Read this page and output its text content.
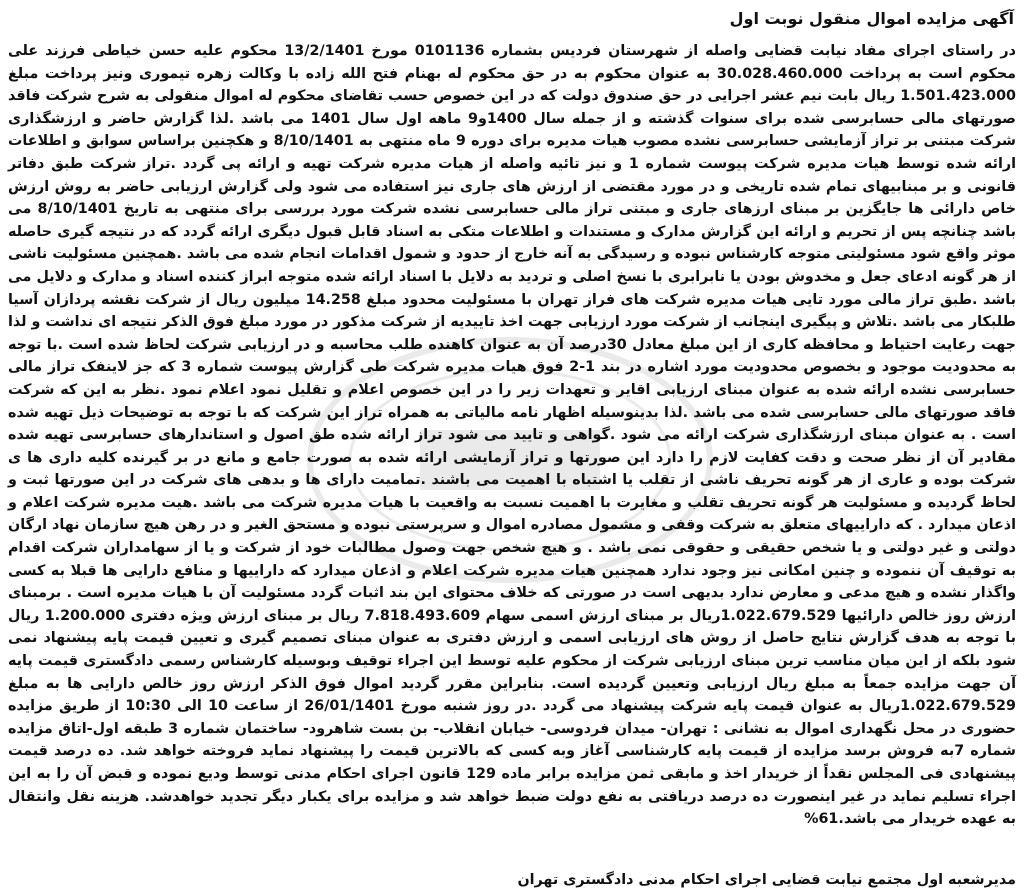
آگهی مزایده اموال منقول نوبت اول

در راستای اجرای مفاد نیابت قضایی واصله از شهرستان فردیس بشماره 0101136 مورخ 13/2/1401 محکوم علیه حسن خیاطی فرزند علی محکوم است به پرداخت 30.028.460.000 به عنوان محکوم به در حق محکوم له بهنام فتح الله زاده با وکالت زهره تیموری ونیز پرداخت مبلغ 1.501.423.000 ریال بابت نیم عشر اجرایی در حق صندوق دولت که در این خصوص حسب تقاضای محکوم له اموال منقولی به شرح شرکت فاقد صورتهای مالی حسابرسی شده برای سنوات گذشته و از جمله سال 1400و9 ماهه اول سال 1401 می باشد .لذا گزارش حاضر و ارزشگذاری شرکت مبتنی بر تراز آزمایشی حسابرسی نشده مصوب هیات مدیره برای دوره 9 ماه منتهی به 8/10/1401 و هکچنین براساس سوابق و اطلاعات ارائه شده توسط هیات مدیره شرکت پیوست شماره 1 و نیز تائیه واصله از هیات مدیره شرکت تهیه و ارائه پی گردد .تراز شرکت طبق دفاتر قانونی و بر مبنابیهای تمام شده تاریخی و در مورد مقتضی از ارزش های جاری نیز استفاده می شود ولی گزارش ارزیابی حاضر به روش ارزش خاص دارائی ها جایگزین بر مبنای ارزهای جاری و مبتنی تراز مالی حسابرسی نشده شرکت مورد بررسی برای منتهی به تاریخ 8/10/1401 می باشد چنانچه پس از تحریم و ارائه این گزارش مدارک و مستندات و اطلاعات متکی به اسناد قابل قبول دیگری ارائه گردد که در نتیجه گیری حاصله موثر واقع شود مسئولیتی متوجه کارشناس نبوده و رسیدگی به آنه خارج از حدود و شمول اقدامات انجام شده می باشد .همچنین مسئولیت ناشی از هر گونه ادعای جعل و مخدوش بودن یا نابرابری با نسخ اصلی و تردید به دلایل با اسناد ارائه شده متوجه ابراز کننده اسناد و مدارک و دلایل می باشد .طبق تراز مالی مورد تایی هیات مدیره شرکت های فراز تهران با مسئولیت محدود مبلغ 14.258 میلیون ریال از شرکت نقشه پردازان آسیا طلبکار می باشد .تلاش و پیگیری اینجانب از شرکت مورد ارزیابی جهت اخذ تاییدیه از شرکت مذکور در مورد مبلغ فوق الذکر نتیجه ای نداشت و لذا جهت رعایت احتیاط و محافظه کاری از این مبلغ معادل 30درصد آن به عنوان کاهنده طلب محاسبه و در ارزیابی شرکت لحاظ شده است .با توجه به محدودیت موجود و بخصوص محدودیت مورد اشاره در بند 1-2 فوق هیات مدیره شرکت طی گزارش پیوست شماره 3 که جز لاینفک تراز مالی حسابرسی نشده ارائه شده به عنوان مبنای ارزیابی اقایر و تعهدات زیر را در این خصوص اعلام و تقلیل نمود اعلام نمود .نظر به این که شرکت فاقد صورتهای مالی حسابرسی شده می باشد .لذا بدینوسیله اظهار نامه مالیاتی به همراه تراز این شرکت که با توجه به توضیحات ذیل تهیه شده است . به عنوان مبنای ارزشگذاری شرکت ارائه می شود .گواهی و تایید می شود تراز ارائه شده طق اصول و استاندارهای حسابرسی تهیه شده مقادیر آن از نظر صحت و دقت کفایت لازم را دارد این صورتها و تراز آزمایشی ارائه شده به صورت جامع و مانع در بر گیرنده کلیه داری ها ی شرکت بوده و عاری از هر گونه تحریف ناشی از تقلب یا اشتباه با اهمیت می باشند .تمامیت دارای ها و بدهی های شرکت در این صورتها ثبت و لحاظ گردیده و مسئولیت هر گونه تحریف تقلب و مغایرت با اهمیت نسبت به واقعیت با هیات مدیره شرکت می باشد .هیت مدیره شرکت اعلام و اذعان میدارد . که داراییهای متعلق به شرکت وقفی و مشمول مصادره اموال و سرپرستی نبوده و مستحق الغیر و در رهن هیچ سازمان نهاد ارگان دولتی و غیر دولتی و یا شخص حقیقی و حقوقی نمی باشد . و هیچ شخص جهت وصول مطالبات خود از شرکت و یا از سهامداران شرکت اقدام به توقیف آن ننموده و چنین امکانی نیز وجود ندارد همچنین هیات مدیره شرکت اعلام و اذعان میدارد که داراییها و منافع دارایی ها قبلا به کسی واگذار نشده و هیچ مدعی و معارض ندارد بدیهی است در صورتی که خلاف محتوای این بند اثبات گردد مسئولیت آن با هیات مدیره است . برمبنای ارزش روز خالص دارائیها 1.022.679.529ریال بر مبنای ارزش اسمی سهام 7.818.493.609 ریال بر مبنای ارزش ویژه دفتری 1.200.000 ریال با توجه به هدف گزارش نتایج حاصل از روش های ارزیابی اسمی و ارزش دفتری به عنوان مبنای تصمیم گیری و تعیین قیمت پایه پیشنهاد نمی شود بلکه از این میان مناسب ترین مبنای ارزیابی شرکت از محکوم علیه توسط این اجراء توقیف وبوسیله کارشناس رسمی دادگستری قیمت پایه آن جهت مزایده جمعاً به مبلغ ریال ارزیابی وتعیین گردیده است. بنابراین مقرر گردید اموال فوق الذکر ارزش روز خالص دارایی ها به مبلغ 1.022.679.529ریال به عنوان قیمت پایه شرکت پیشنهاد می گردد .در روز شنبه مورخ 26/01/1401 از ساعت 10 الی 10:30 از طریق مزایده حضوری در محل نگهداری اموال به نشانی : تهران- میدان فردوسی- خیابان انقلاب- بن بست شاهرود- ساختمان شماره 3 طبقه اول-اتاق مزایده شماره 7به فروش برسد مزایده از قیمت پایه کارشناسی آغاز وبه کسی که بالاترین قیمت را پیشنهاد نماید فروخته خواهد شد. ده درصد قیمت پیشنهادی فی المجلس نقداً از خریدار اخذ و مابقی ثمن مزایده برابر ماده 129 قانون اجرای احکام مدنی توسط ودیع نموده و قبض آن را به این اجراء تسلیم نماید در غیر اینصورت ده درصد دریافتی به نفع دولت ضبط خواهد شد و مزایده برای یکبار دیگر تجدید خواهدشد. هزینه نقل وانتقال به عهده خریدار می باشد.61%

مدیرشعبه اول مجتمع نیابت قضایی اجرای احکام مدنی دادگستری تهران
